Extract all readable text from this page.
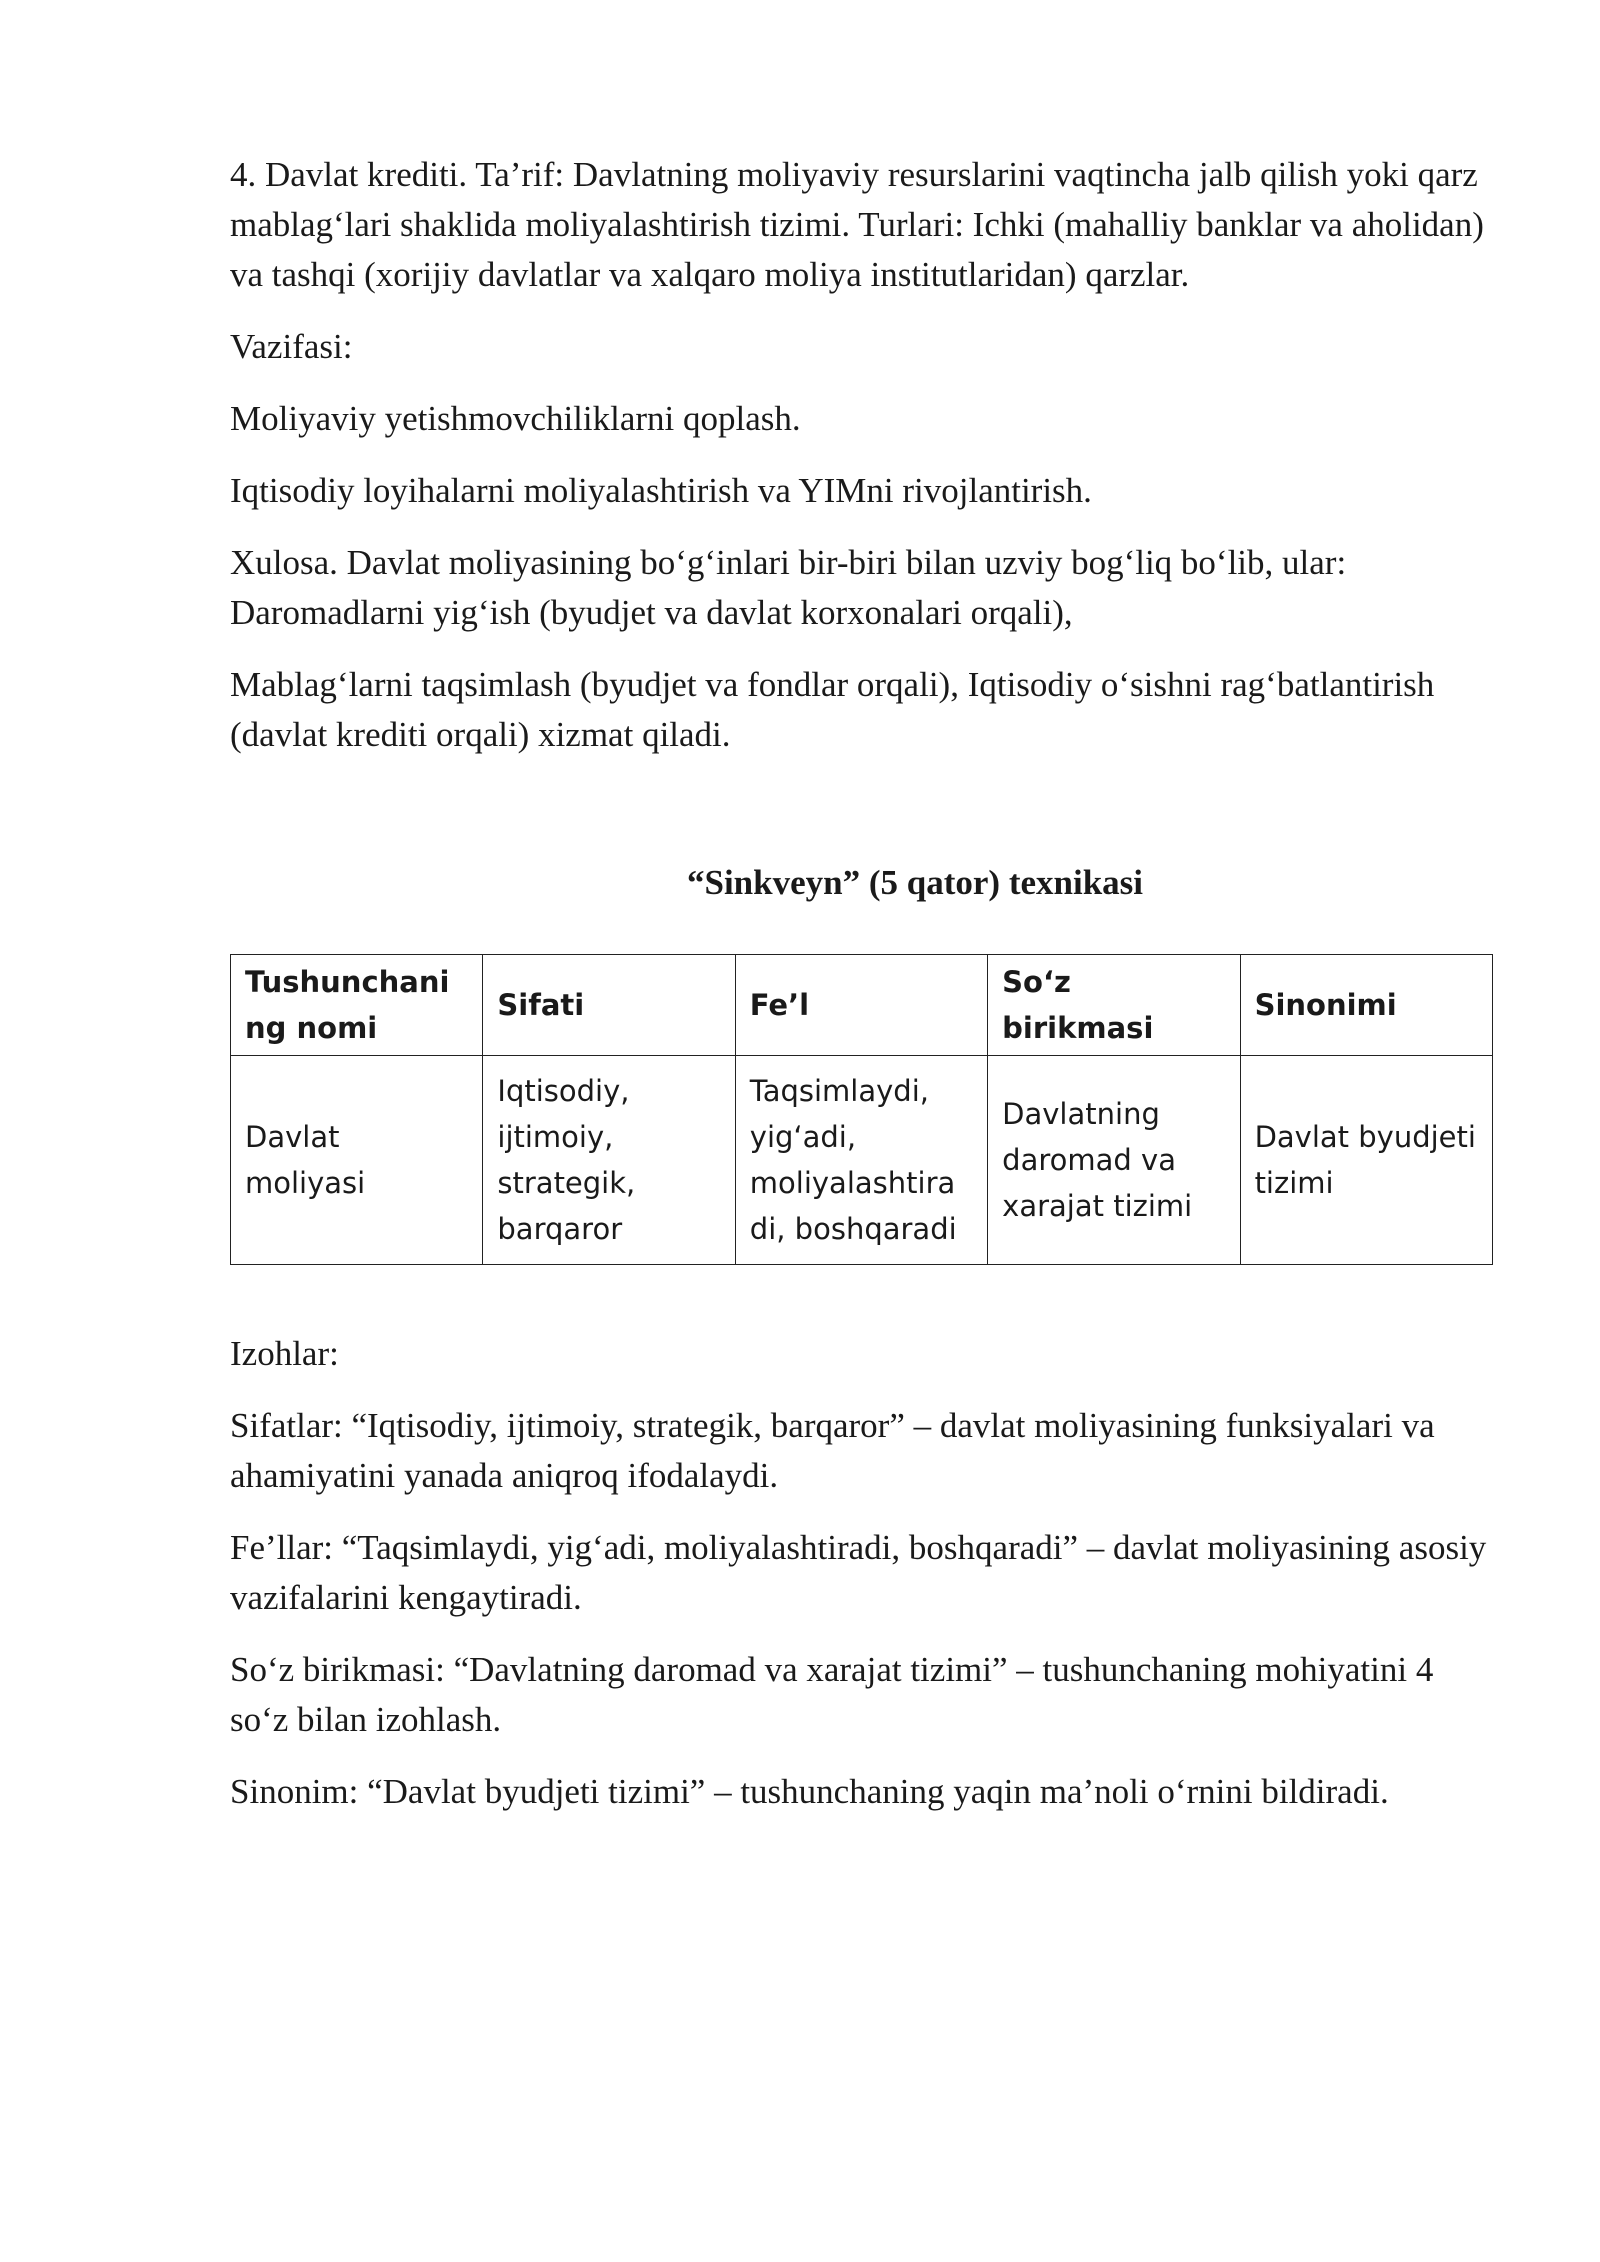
4. Davlat krediti. Ta’rif: Davlatning moliyaviy resurslarini vaqtincha jalb qilish yoki qarz mablag‘lari shaklida moliyalashtirish tizimi. Turlari: Ichki (mahalliy banklar va aholidan) va tashqi (xorijiy davlatlar va xalqaro moliya institutlaridan) qarzlar.

Vazifasi:

Moliyaviy yetishmovchiliklarni qoplash.

Iqtisodiy loyihalarni moliyalashtirish va YIMni rivojlantirish.

Xulosa. Davlat moliyasining bo‘g‘inlari bir-biri bilan uzviy bog‘liq bo‘lib, ular: Daromadlarni yig‘ish (byudjet va davlat korxonalari orqali),

Mablag‘larni taqsimlash (byudjet va fondlar orqali), Iqtisodiy o‘sishni rag‘batlantirish (davlat krediti orqali) xizmat qiladi.

“Sinkveyn” (5 qator) texnikasi

Tushunchaning nomi	Sifati	Fe’l	So‘z birikmasi	Sinonimi
Davlat moliyasi	Iqtisodiy, ijtimoiy, strategik, barqaror	Taqsimlaydi, yig‘adi, moliyalashtiradi, boshqaradi	Davlatning daromad va xarajat tizimi	Davlat byudjeti tizimi

Izohlar:

Sifatlar: “Iqtisodiy, ijtimoiy, strategik, barqaror” – davlat moliyasining funksiyalari va ahamiyatini yanada aniqroq ifodalaydi.

Fe’llar: “Taqsimlaydi, yig‘adi, moliyalashtiradi, boshqaradi” – davlat moliyasining asosiy vazifalarini kengaytiradi.

So‘z birikmasi: “Davlatning daromad va xarajat tizimi” – tushunchaning mohiyatini 4 so‘z bilan izohlash.

Sinonim: “Davlat byudjeti tizimi” – tushunchaning yaqin ma’noli o‘rnini bildiradi.
